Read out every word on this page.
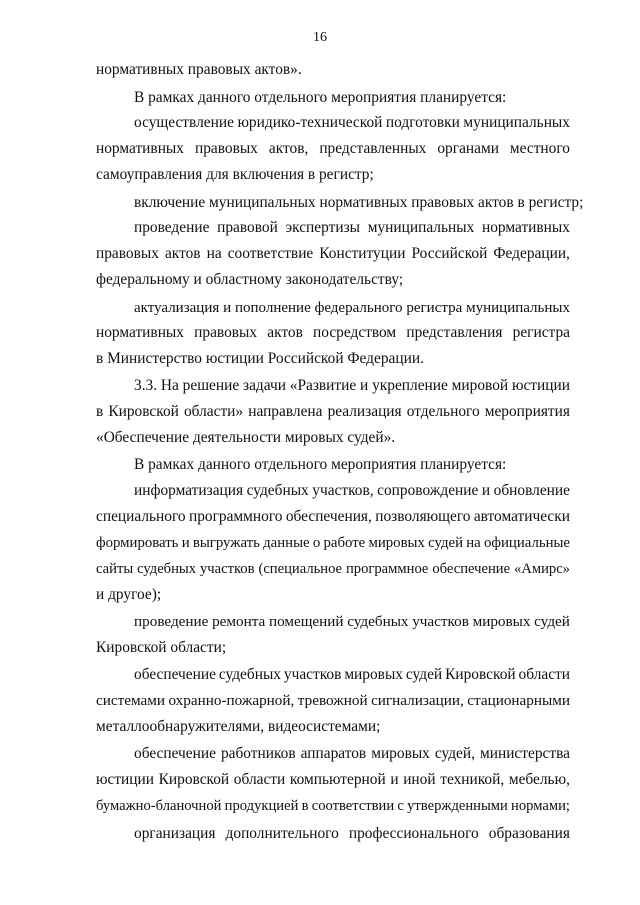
16
нормативных правовых актов».
В рамках данного отдельного мероприятия планируется:
осуществление юридико-технической подготовки муниципальных
нормативных правовых актов, представленных органами местного
самоуправления для включения в регистр;
включение муниципальных нормативных правовых актов в регистр;
проведение правовой экспертизы муниципальных нормативных
правовых актов на соответствие Конституции Российской Федерации,
федеральному и областному законодательству;
актуализация и пополнение федерального регистра муниципальных
нормативных правовых актов посредством представления регистра
в Министерство юстиции Российской Федерации.
3.3. На решение задачи «Развитие и укрепление мировой юстиции
в Кировской области» направлена реализация отдельного мероприятия
«Обеспечение деятельности мировых судей».
В рамках данного отдельного мероприятия планируется:
информатизация судебных участков, сопровождение и обновление
специального программного обеспечения, позволяющего автоматически
формировать и выгружать данные о работе мировых судей на официальные
сайты судебных участков (специальное программное обеспечение «Амирс»
и другое);
проведение ремонта помещений судебных участков мировых судей
Кировской области;
обеспечение судебных участков мировых судей Кировской области
системами охранно-пожарной, тревожной сигнализации, стационарными
металлообнаружителями, видеосистемами;
обеспечение работников аппаратов мировых судей, министерства
юстиции Кировской области компьютерной и иной техникой, мебелью,
бумажно-бланочной продукцией в соответствии с утвержденными нормами;
организация дополнительного профессионального образования
